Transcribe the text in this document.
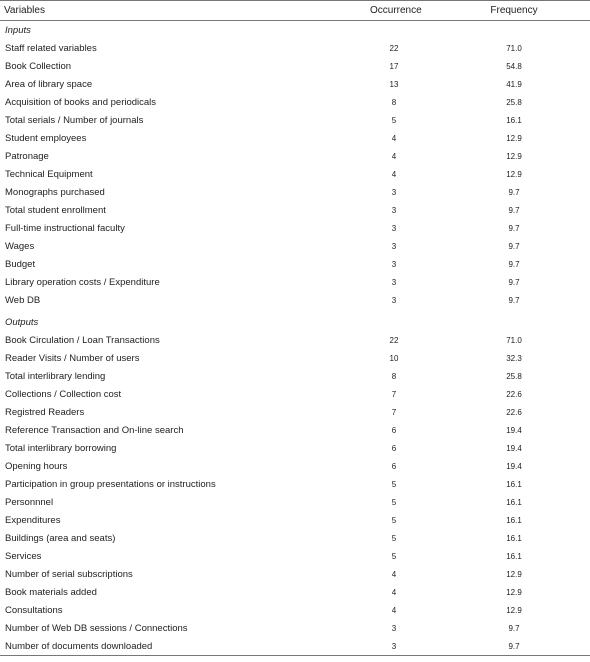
Variables	Occurrence	Frequency
Inputs		
Staff related variables	22	71.0
Book Collection	17	54.8
Area of library space	13	41.9
Acquisition of books and periodicals	8	25.8
Total serials / Number of journals	5	16.1
Student employees	4	12.9
Patronage	4	12.9
Technical Equipment	4	12.9
Monographs purchased	3	9.7
Total student enrollment	3	9.7
Full-time instructional faculty	3	9.7
Wages	3	9.7
Budget	3	9.7
Library operation costs / Expenditure	3	9.7
Web DB	3	9.7

Outputs		
Book Circulation / Loan Transactions	22	71.0
Reader Visits / Number of users	10	32.3
Total interlibrary lending	8	25.8
Collections / Collection cost	7	22.6
Registred Readers	7	22.6
Reference Transaction and On-line search	6	19.4
Total interlibrary borrowing	6	19.4
Opening hours	6	19.4
Participation in group presentations or instructions	5	16.1
Personnnel	5	16.1
Expenditures	5	16.1
Buildings (area and seats)	5	16.1
Services	5	16.1
Number of serial subscriptions	4	12.9
Book materials added	4	12.9
Consultations	4	12.9
Number of Web DB sessions / Connections	3	9.7
Number of documents downloaded	3	9.7
